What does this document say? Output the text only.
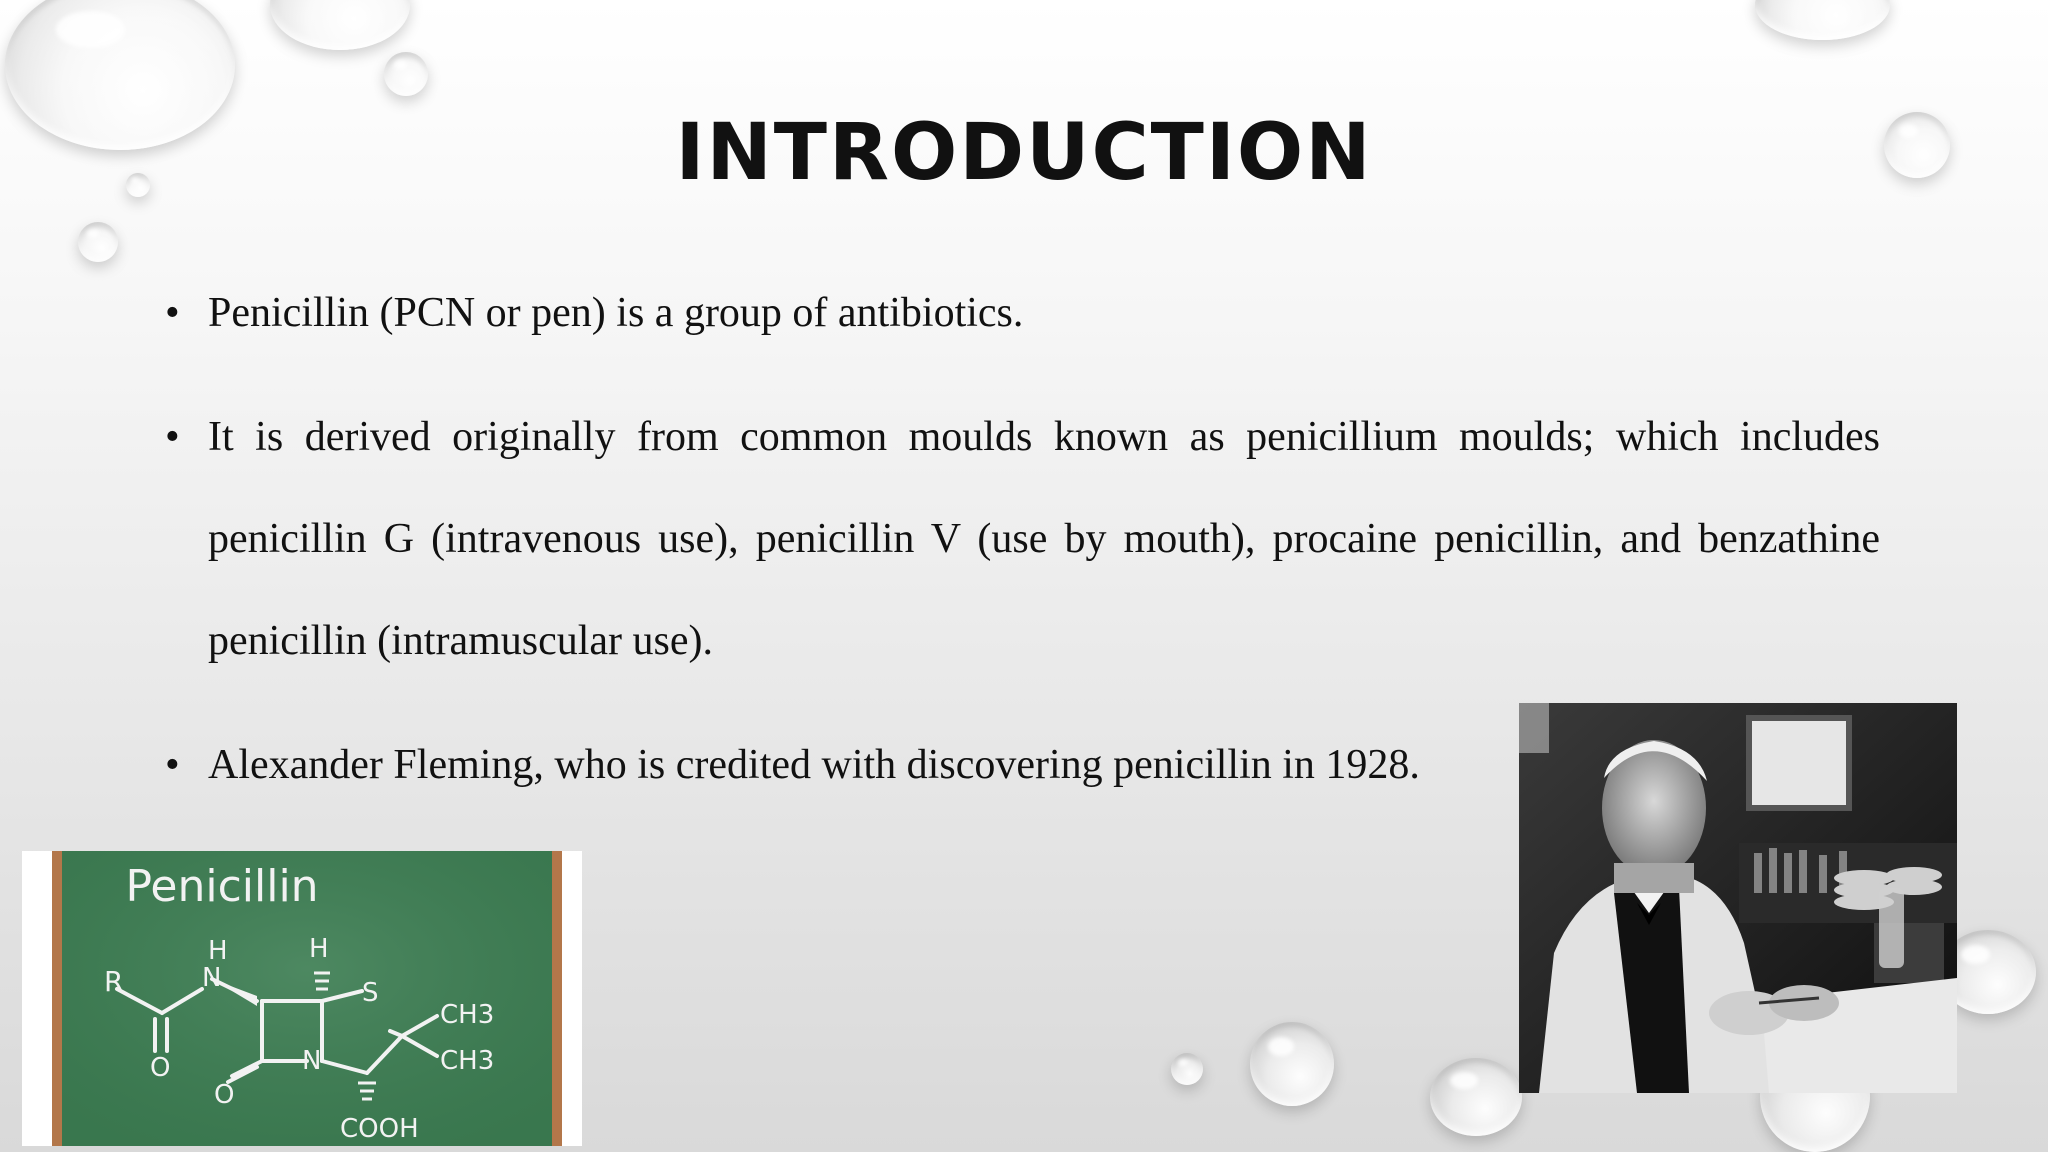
INTRODUCTION
• Penicillin (PCN or pen) is a group of antibiotics.
• It is derived originally from common moulds known as penicillium moulds; which includes penicillin G (intravenous use), penicillin V (use by mouth), procaine penicillin, and benzathine penicillin (intramuscular use).
• Alexander Fleming, who is credited with discovering penicillin in 1928.
Penicillin
R
H
N
H
S
CH3
CH3
O
O
N
COOH
